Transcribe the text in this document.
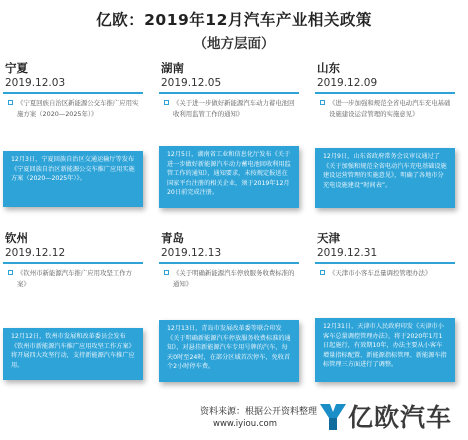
亿欧：2019年12月汽车产业相关政策
（地方层面）
宁夏
2019.12.03
《宁夏回族自治区新能源公交车推广应用实施方案（2020—2025年）》
12月3日，宁夏回族自治区交通运输厅等发布《宁夏回族自治区新能源公交车推广应用实施方案（2020—2025年）》。
湖南
2019.12.05
《关于进一步做好新能源汽车动力蓄电池回收利用监管工作的通知》
12月5日，湖南省工业和信息化厅发布《关于进一步做好新能源汽车动力蓄电池回收利用监管工作的通知》，通知要求，未按规定报送在国家平台注册的相关企业，须于2019年12月20日前完成注册。
山东
2019.12.09
《进一步加强和规范全省电动汽车充电基础设施建设运营管理的实施意见》
12月9日，山东省政府常务会议审议通过了《关于加强和规范全省电动汽车充电基础设施建设运营管理的实施意见》，明确了各地市分充电设施建设“时间表”。
钦州
2019.12.12
《钦州市新能源汽车推广应用攻坚工作方案》
12月12日，钦州市发展和改革委员会发布《钦州市新能源汽车推广应用攻坚工作方案》将开展四大攻坚行动，支持新能源汽车推广应用。
青岛
2019.12.13
《关于明确新能源汽车停放服务收费标准的通知》
12月13日，青岛市发展改革委等联合印发《关于明确新能源汽车停放服务收费标准的通知》，对悬挂新能源汽车专用号牌的汽车，每天0时至24时，在部分区域首次停车，免收首个2小时停车费。
天津
2019.12.31
《天津市小客车总量调控管理办法》
12月31日，天津市人民政府印发《天津市小客车总量调控管理办法》，将于2020年1月1日起施行，有效期10年，办法主要从小客车增量指标配置、新能源指标管理、新能源车指标管理三方面进行了调整。
资料来源：根据公开资料整理
www.iyiou.com	亿欧汽车
